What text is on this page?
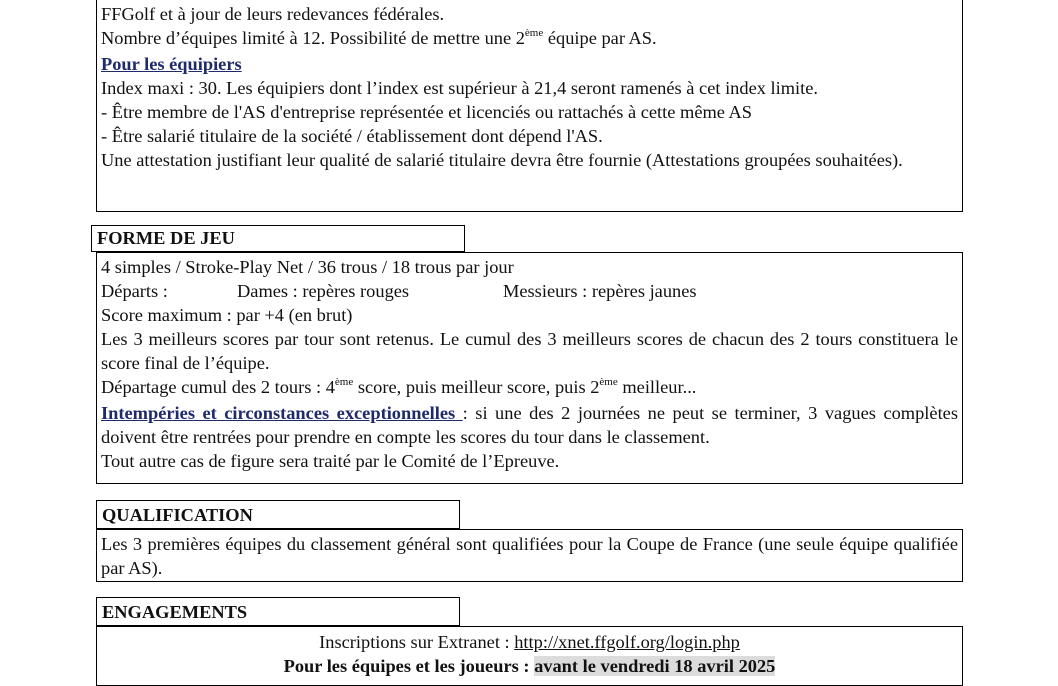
FFGolf et à jour de leurs redevances fédérales.

Nombre d’équipes limité à 12. Possibilité de mettre une 2ème équipe par AS.

Pour les équipiers

Index maxi : 30. Les équipiers dont l’index est supérieur à 21,4 seront ramenés à cet index limite.

- Être membre de l'AS d'entreprise représentée et licenciés ou rattachés à cette même AS

- Être salarié titulaire de la société / établissement dont dépend l'AS.

Une attestation justifiant leur qualité de salarié titulaire devra être fournie (Attestations groupées souhaitées).

FORME DE JEU

4 simples / Stroke-Play Net / 36 trous / 18 trous par jour

Départs :	Dames : repères rouges	Messieurs : repères jaunes

Score maximum : par +4 (en brut)

Les 3 meilleurs scores par tour sont retenus. Le cumul des 3 meilleurs scores de chacun des 2 tours constituera le score final de l’équipe.

Départage cumul des 2 tours : 4ème score, puis meilleur score, puis 2ème meilleur...

Intempéries et circonstances exceptionnelles : si une des 2 journées ne peut se terminer, 3 vagues complètes doivent être rentrées pour prendre en compte les scores du tour dans le classement.

Tout autre cas de figure sera traité par le Comité de l’Epreuve.

QUALIFICATION

Les 3 premières équipes du classement général sont qualifiées pour la Coupe de France (une seule équipe qualifiée par AS).

ENGAGEMENTS

Inscriptions sur Extranet : http://xnet.ffgolf.org/login.php

Pour les équipes et les joueurs : avant le vendredi 18 avril 2025
